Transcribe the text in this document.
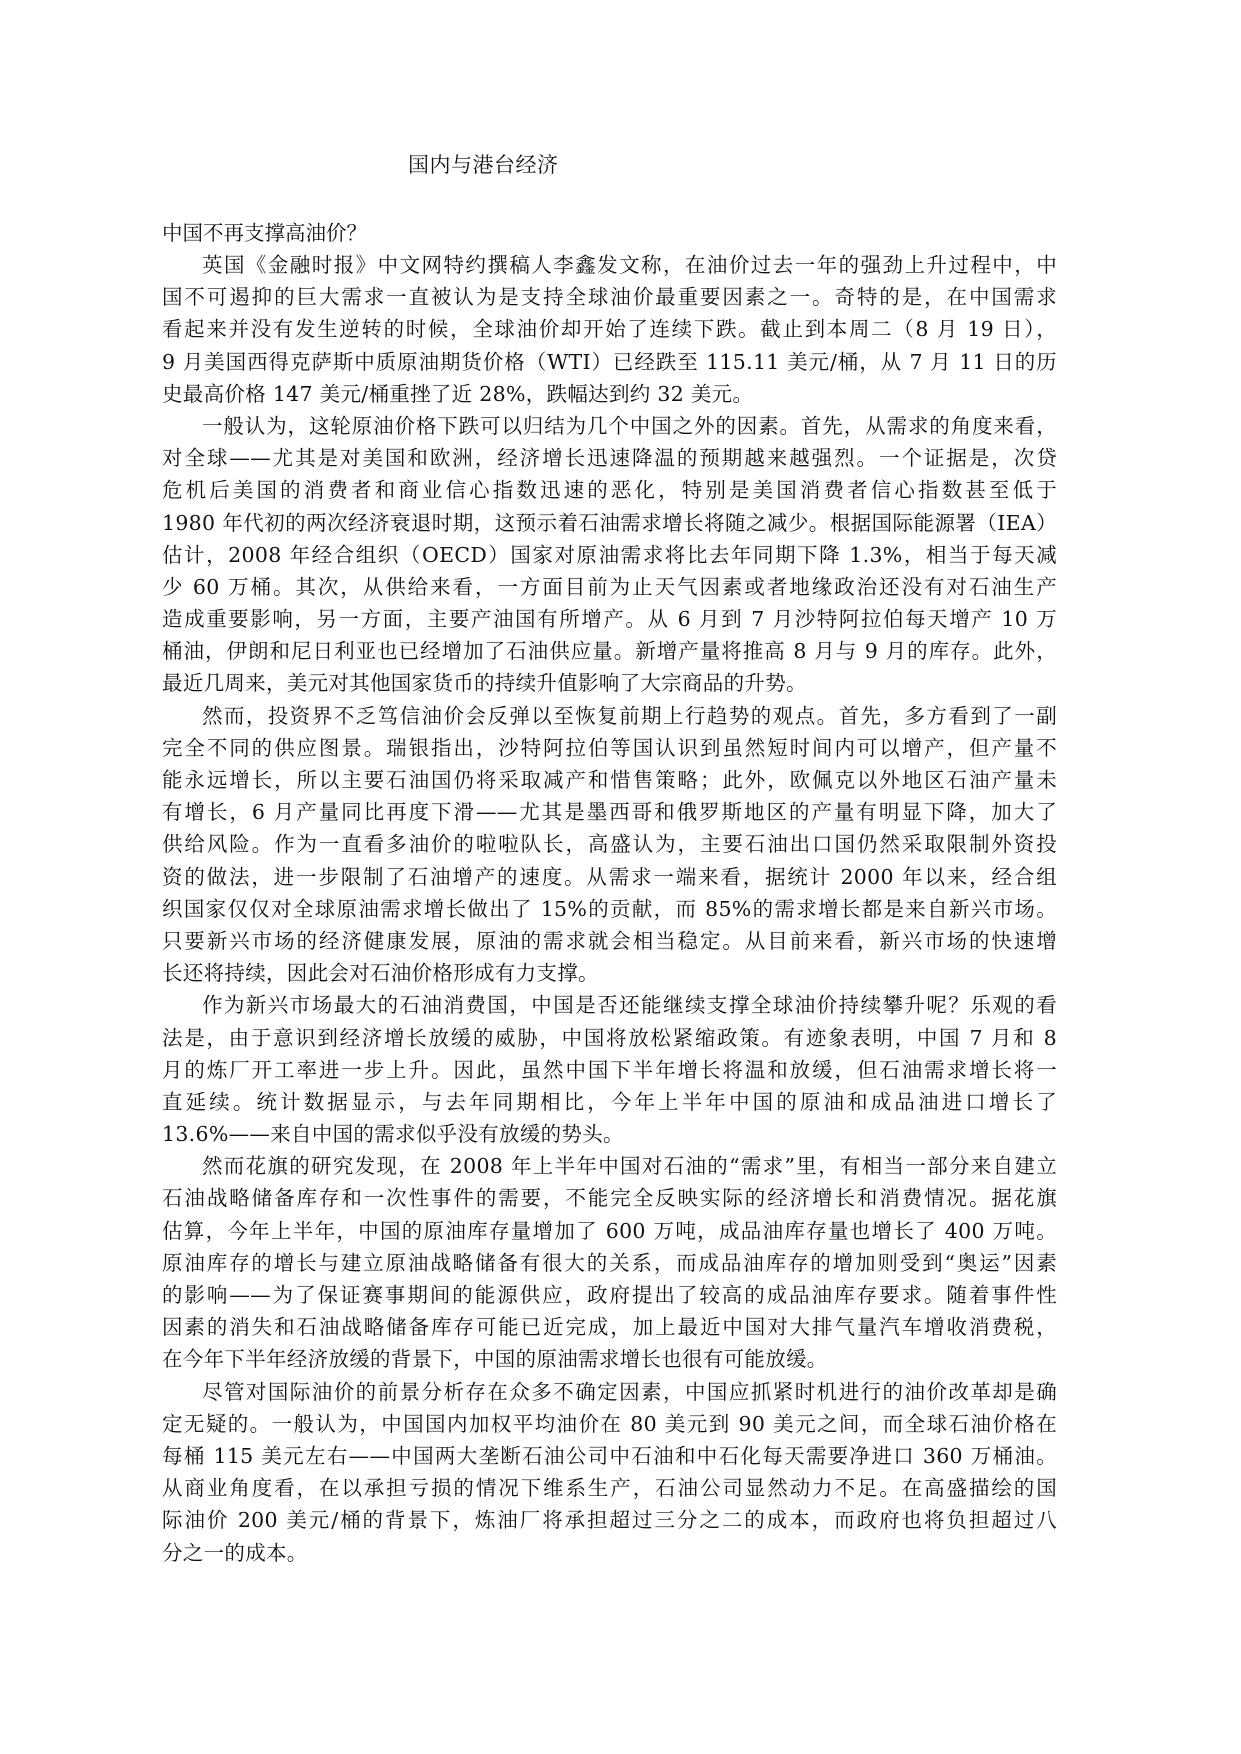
国内与港台经济
中国不再支撑高油价？
英国《金融时报》中文网特约撰稿人李鑫发文称，在油价过去一年的强劲上升过程中，中
国不可遏抑的巨大需求一直被认为是支持全球油价最重要因素之一。奇特的是，在中国需求
看起来并没有发生逆转的时候，全球油价却开始了连续下跌。截止到本周二（8 月 19 日），
9 月美国西得克萨斯中质原油期货价格（WTI）已经跌至 115.11 美元/桶，从 7 月 11 日的历
史最高价格 147 美元/桶重挫了近 28%，跌幅达到约 32 美元。
一般认为，这轮原油价格下跌可以归结为几个中国之外的因素。首先，从需求的角度来看，
对全球——尤其是对美国和欧洲，经济增长迅速降温的预期越来越强烈。一个证据是，次贷
危机后美国的消费者和商业信心指数迅速的恶化，特别是美国消费者信心指数甚至低于
1980 年代初的两次经济衰退时期，这预示着石油需求增长将随之减少。根据国际能源署（IEA）
估计，2008 年经合组织（OECD）国家对原油需求将比去年同期下降 1.3%，相当于每天减
少 60 万桶。其次，从供给来看，一方面目前为止天气因素或者地缘政治还没有对石油生产
造成重要影响，另一方面，主要产油国有所增产。从 6 月到 7 月沙特阿拉伯每天增产 10 万
桶油，伊朗和尼日利亚也已经增加了石油供应量。新增产量将推高 8 月与 9 月的库存。此外，
最近几周来，美元对其他国家货币的持续升值影响了大宗商品的升势。
然而，投资界不乏笃信油价会反弹以至恢复前期上行趋势的观点。首先，多方看到了一副
完全不同的供应图景。瑞银指出，沙特阿拉伯等国认识到虽然短时间内可以增产，但产量不
能永远增长，所以主要石油国仍将采取减产和惜售策略；此外，欧佩克以外地区石油产量未
有增长，6 月产量同比再度下滑——尤其是墨西哥和俄罗斯地区的产量有明显下降，加大了
供给风险。作为一直看多油价的啦啦队长，高盛认为，主要石油出口国仍然采取限制外资投
资的做法，进一步限制了石油增产的速度。从需求一端来看，据统计 2000 年以来，经合组
织国家仅仅对全球原油需求增长做出了 15%的贡献，而 85%的需求增长都是来自新兴市场。
只要新兴市场的经济健康发展，原油的需求就会相当稳定。从目前来看，新兴市场的快速增
长还将持续，因此会对石油价格形成有力支撑。
作为新兴市场最大的石油消费国，中国是否还能继续支撑全球油价持续攀升呢？乐观的看
法是，由于意识到经济增长放缓的威胁，中国将放松紧缩政策。有迹象表明，中国 7 月和 8
月的炼厂开工率进一步上升。因此，虽然中国下半年增长将温和放缓，但石油需求增长将一
直延续。统计数据显示，与去年同期相比，今年上半年中国的原油和成品油进口增长了
13.6%——来自中国的需求似乎没有放缓的势头。
然而花旗的研究发现，在 2008 年上半年中国对石油的“需求”里，有相当一部分来自建立
石油战略储备库存和一次性事件的需要，不能完全反映实际的经济增长和消费情况。据花旗
估算，今年上半年，中国的原油库存量增加了 600 万吨，成品油库存量也增长了 400 万吨。
原油库存的增长与建立原油战略储备有很大的关系，而成品油库存的增加则受到“奥运”因素
的影响——为了保证赛事期间的能源供应，政府提出了较高的成品油库存要求。随着事件性
因素的消失和石油战略储备库存可能已近完成，加上最近中国对大排气量汽车增收消费税，
在今年下半年经济放缓的背景下，中国的原油需求增长也很有可能放缓。
尽管对国际油价的前景分析存在众多不确定因素，中国应抓紧时机进行的油价改革却是确
定无疑的。一般认为，中国国内加权平均油价在 80 美元到 90 美元之间，而全球石油价格在
每桶 115 美元左右——中国两大垄断石油公司中石油和中石化每天需要净进口 360 万桶油。
从商业角度看，在以承担亏损的情况下维系生产，石油公司显然动力不足。在高盛描绘的国
际油价 200 美元/桶的背景下，炼油厂将承担超过三分之二的成本，而政府也将负担超过八
分之一的成本。
